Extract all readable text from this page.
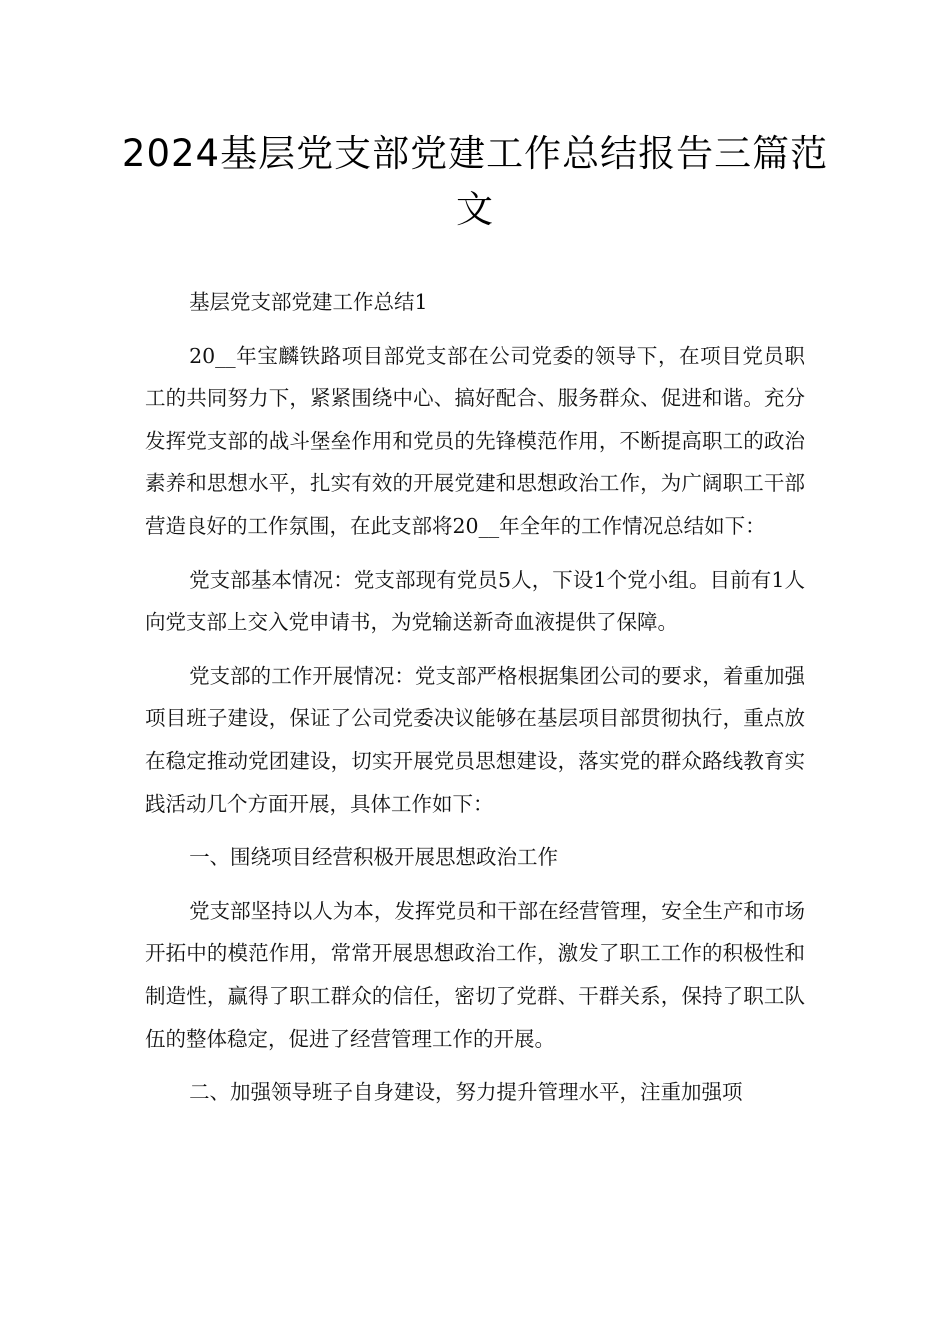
2024基层党支部党建工作总结报告三篇范文

基层党支部党建工作总结1

20__年宝麟铁路项目部党支部在公司党委的领导下，在项目党员职工的共同努力下，紧紧围绕中心、搞好配合、服务群众、促进和谐。充分发挥党支部的战斗堡垒作用和党员的先锋模范作用，不断提高职工的政治素养和思想水平，扎实有效的开展党建和思想政治工作，为广阔职工干部营造良好的工作氛围，在此支部将20__年全年的工作情况总结如下：

党支部基本情况：党支部现有党员5人，下设1个党小组。目前有1人向党支部上交入党申请书，为党输送新奇血液提供了保障。

党支部的工作开展情况：党支部严格根据集团公司的要求，着重加强项目班子建设，保证了公司党委决议能够在基层项目部贯彻执行，重点放在稳定推动党团建设，切实开展党员思想建设，落实党的群众路线教育实践活动几个方面开展，具体工作如下：

一、围绕项目经营积极开展思想政治工作

党支部坚持以人为本，发挥党员和干部在经营管理，安全生产和市场开拓中的模范作用，常常开展思想政治工作，激发了职工工作的积极性和制造性，赢得了职工群众的信任，密切了党群、干群关系，保持了职工队伍的整体稳定，促进了经营管理工作的开展。

二、加强领导班子自身建设，努力提升管理水平，注重加强项
